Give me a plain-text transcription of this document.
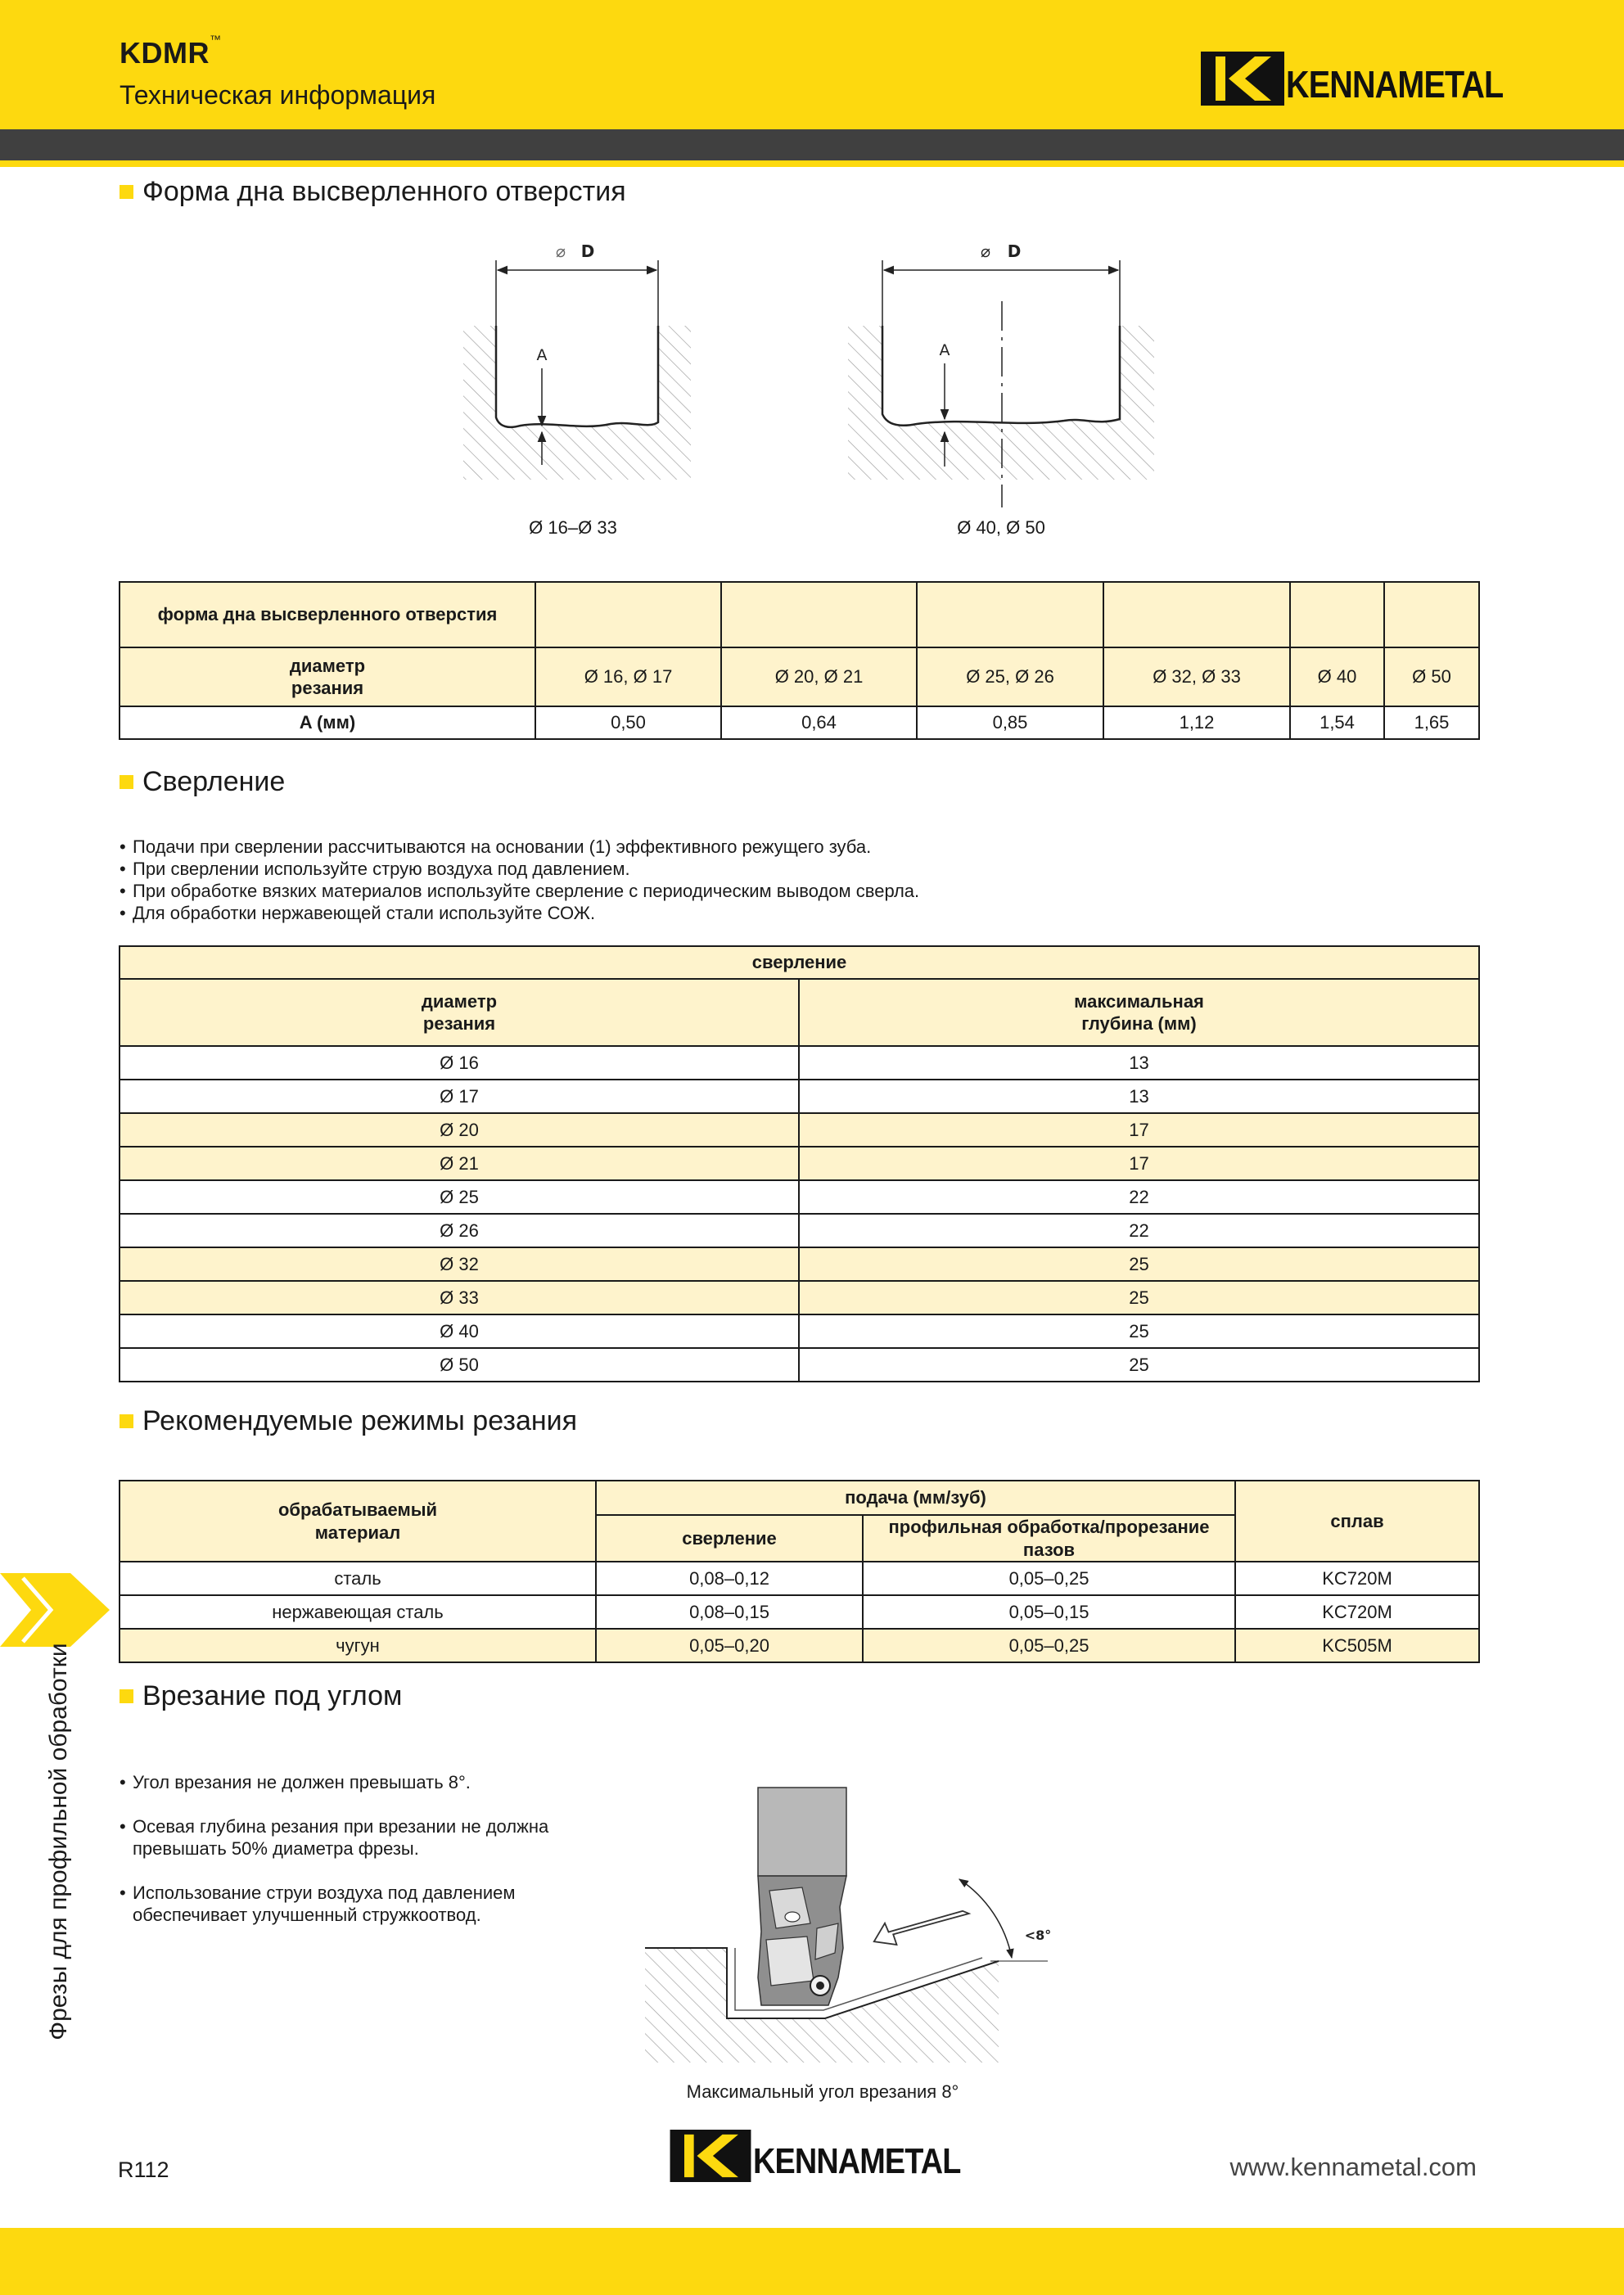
KDMR™
Техническая информация	KENNAMETAL
Форма дна высверленного отверстия
⌀ D
A
⌀ D
A
Ø 16–Ø 33	Ø 40, Ø 50
форма дна высверленного отверстия						
диаметр
резания	Ø 16, Ø 17	Ø 20, Ø 21	Ø 25, Ø 26	Ø 32, Ø 33	Ø 40	Ø 50
A (мм)	0,50	0,64	0,85	1,12	1,54	1,65
Сверление
• Подачи при сверлении рассчитываются на основании (1) эффективного режущего зуба.
• При сверлении используйте струю воздуха под давлением.
• При обработке вязких материалов используйте сверление с периодическим выводом сверла.
• Для обработки нержавеющей стали используйте СОЖ.
сверление	
диаметр
резания	максимальная
глубина (мм)
Ø 16	13
Ø 17	13
Ø 20	17
Ø 21	17
Ø 25	22
Ø 26	22
Ø 32	25
Ø 33	25
Ø 40	25
Ø 50	25
Рекомендуемые режимы резания
обрабатываемый
материал	подача (мм/зуб)		сплав
	сверление	профильная обработка/прорезание пазов	
сталь	0,08–0,12	0,05–0,25	KC720M
нержавеющая сталь	0,08–0,15	0,05–0,15	KC720M
чугун	0,05–0,20	0,05–0,25	KC505M
Врезание под углом

• Угол врезания не должен превышать 8°.

• Осевая глубина резания при врезании не должна
превышать 50% диаметра фрезы.

• Использование струи воздуха под давлением
обеспечивает улучшенный стружкоотвод.

<8°
Максимальный угол врезания 8°
Фрезы для профильной обработки
R112	KENNAMETAL	www.kennametal.com
